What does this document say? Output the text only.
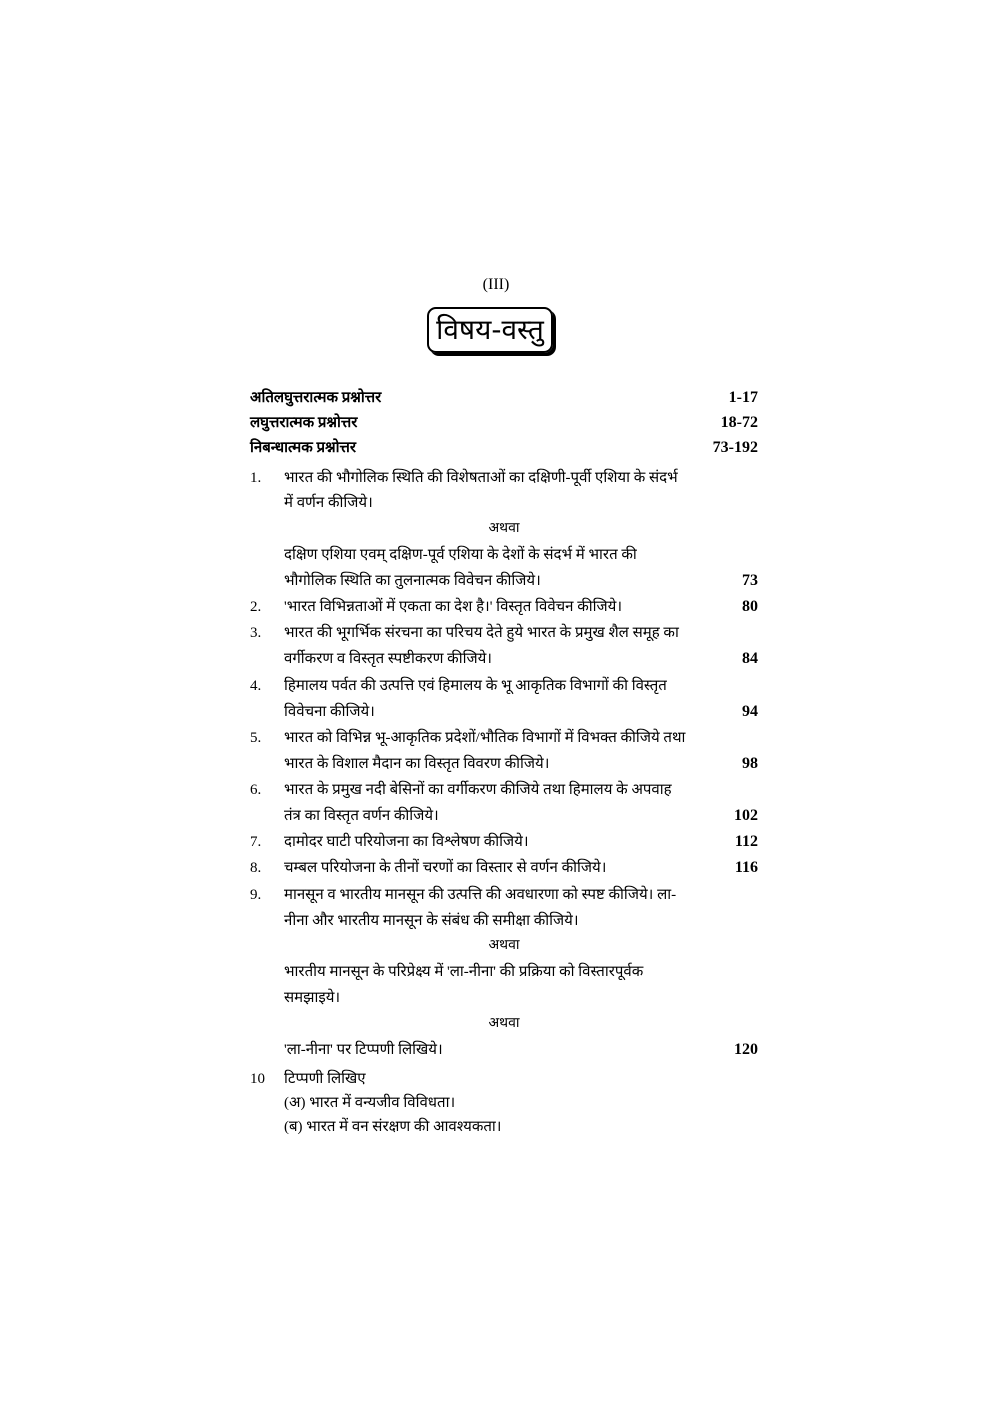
(III)
विषय-वस्तु
अतिलघुत्तरात्मक प्रश्नोत्तर	1-17
लघुत्तरात्मक प्रश्नोत्तर	18-72
निबन्धात्मक प्रश्नोत्तर	73-192
1. भारत की भौगोलिक स्थिति की विशेषताओं का दक्षिणी-पूर्वी एशिया के संदर्भ
में वर्णन कीजिये।
अथवा
दक्षिण एशिया एवम् दक्षिण-पूर्व एशिया के देशों के संदर्भ में भारत की
भौगोलिक स्थिति का तुलनात्मक विवेचन कीजिये।	73
2. 'भारत विभिन्नताओं में एकता का देश है।' विस्तृत विवेचन कीजिये।	80
3. भारत की भूगर्भिक संरचना का परिचय देते हुये भारत के प्रमुख शैल समूह का
वर्गीकरण व विस्तृत स्पष्टीकरण कीजिये।	84
4. हिमालय पर्वत की उत्पत्ति एवं हिमालय के भू आकृतिक विभागों की विस्तृत
विवेचना कीजिये।	94
5. भारत को विभिन्न भू-आकृतिक प्रदेशों/भौतिक विभागों में विभक्त कीजिये तथा
भारत के विशाल मैदान का विस्तृत विवरण कीजिये।	98
6. भारत के प्रमुख नदी बेसिनों का वर्गीकरण कीजिये तथा हिमालय के अपवाह
तंत्र का विस्तृत वर्णन कीजिये।	102
7. दामोदर घाटी परियोजना का विश्लेषण कीजिये।	112
8. चम्बल परियोजना के तीनों चरणों का विस्तार से वर्णन कीजिये।	116
9. मानसून व भारतीय मानसून की उत्पत्ति की अवधारणा को स्पष्ट कीजिये। ला-
नीना और भारतीय मानसून के संबंध की समीक्षा कीजिये।
अथवा
भारतीय मानसून के परिप्रेक्ष्य में 'ला-नीना' की प्रक्रिया को विस्तारपूर्वक
समझाइये।
अथवा
'ला-नीना' पर टिप्पणी लिखिये।	120
10 टिप्पणी लिखिए
(अ) भारत में वन्यजीव विविधता।
(ब) भारत में वन संरक्षण की आवश्यकता।
